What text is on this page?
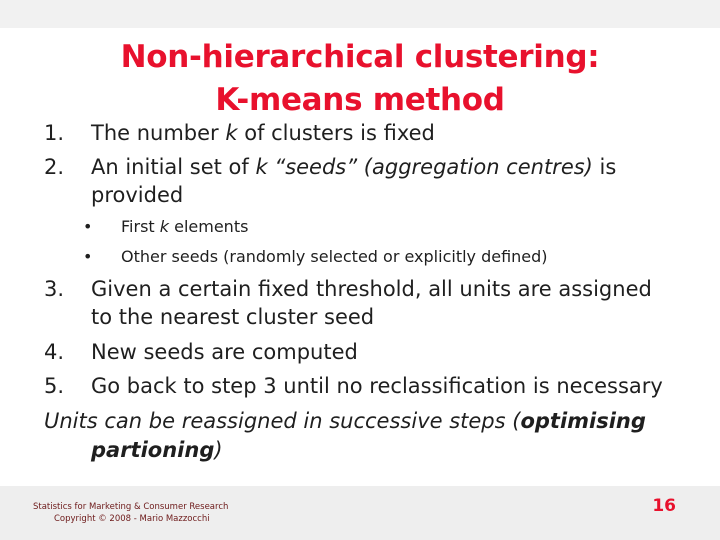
Non-hierarchical clustering:
K-means method
1. The number k of clusters is fixed
2. An initial set of k “seeds” (aggregation centres) is
provided
• First k elements
• Other seeds (randomly selected or explicitly defined)
3. Given a certain fixed threshold, all units are assigned
to the nearest cluster seed
4. New seeds are computed
5. Go back to step 3 until no reclassification is necessary
Units can be reassigned in successive steps (optimising
partioning)
Statistics for Marketing & Consumer Research
Copyright © 2008 - Mario Mazzocchi
16
